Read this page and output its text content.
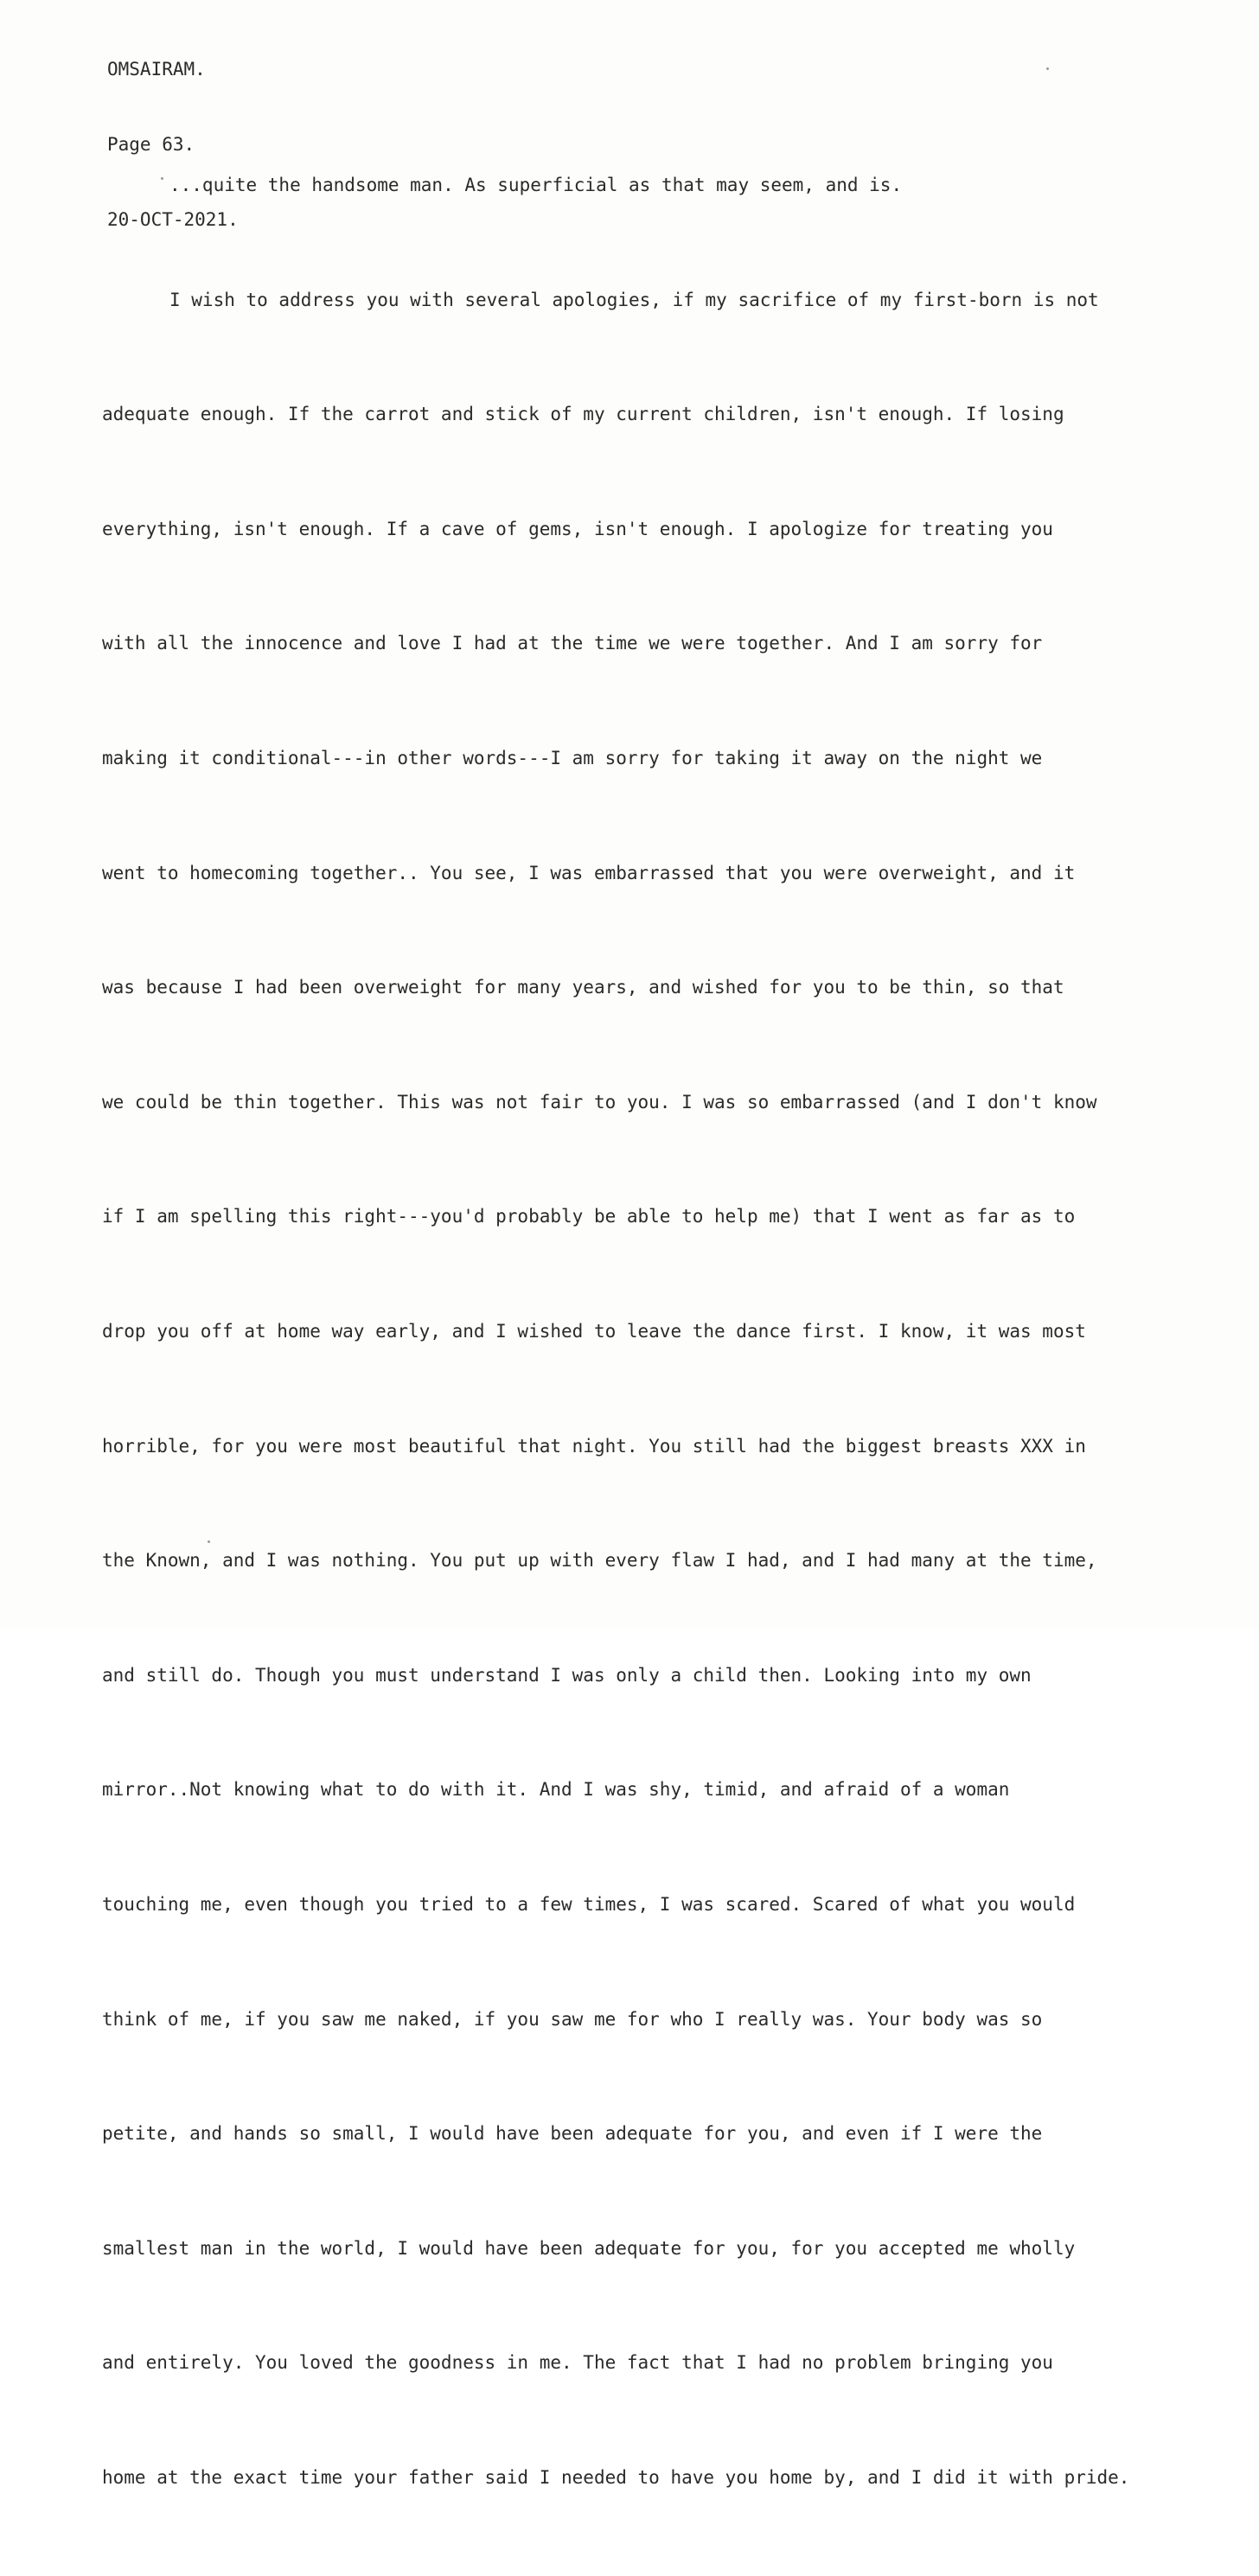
OMSAIRAM.

Page 63.

20-OCT-2021.

...quite the handsome man. As superficial as that may seem, and is.

I wish to address you with several apologies, if my sacrifice of my first-born is not

adequate enough. If the carrot and stick of my current children, isn't enough. If losing

everything, isn't enough. If a cave of gems, isn't enough. I apologize for treating you

with all the innocence and love I had at the time we were together. And I am sorry for

making it conditional---in other words---I am sorry for taking it away on the night we

went to homecoming together.. You see, I was embarrassed that you were overweight, and it

was because I had been overweight for many years, and wished for you to be thin, so that

we could be thin together. This was not fair to you. I was so embarrassed (and I don't know

if I am spelling this right---you'd probably be able to help me) that I went as far as to

drop you off at home way early, and I wished to leave the dance first. I know, it was most

horrible, for you were most beautiful that night. You still had the biggest breasts XXX in

the Known, and I was nothing. You put up with every flaw I had, and I had many at the time,

and still do. Though you must understand I was only a child then. Looking into my own

mirror..Not knowing what to do with it. And I was shy, timid, and afraid of a woman

touching me, even though you tried to a few times, I was scared. Scared of what you would

think of me, if you saw me naked, if you saw me for who I really was. Your body was so

petite, and hands so small, I would have been adequate for you, and even if I were the

smallest man in the world, I would have been adequate for you, for you accepted me wholly

and entirely. You loved the goodness in me. The fact that I had no problem bringing you

home at the exact time your father said I needed to have you home by, and I did it with pride.
